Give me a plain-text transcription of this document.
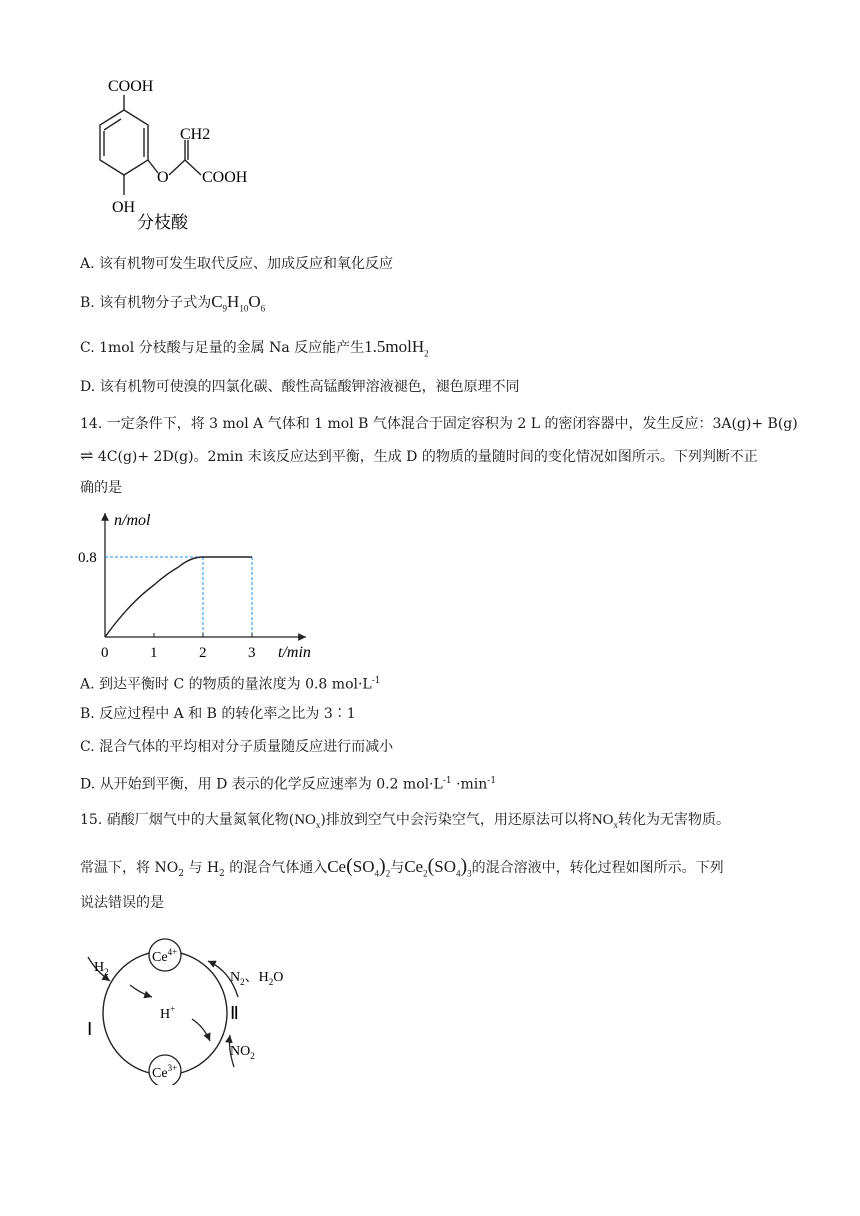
COOH
CH2
O COOH
OH
分枝酸
A. 该有机物可发生取代反应、加成反应和氧化反应
B. 该有机物分子式为$C_9H_{10}O_6$
C. 1mol 分枝酸与足量的金属 Na 反应能产生1.5molH$_2$
D. 该有机物可使溴的四氯化碳、酸性高锰酸钾溶液褪色，褪色原理不同
14. 一定条件下，将 3 mol A 气体和 1 mol B 气体混合于固定容积为 2 L 的密闭容器中，发生反应：3A(g)+ B(g)
⇌ 4C(g)+ 2D(g)。2min 末该反应达到平衡，生成 D 的物质的量随时间的变化情况如图所示。下列判断不正
确的是
0	1	2	3
0.8
n/mol
t/min
A. 到达平衡时 C 的物质的量浓度为 0.8 $mol\cdot L^{-1}$
B. 反应过程中 A 和 B 的转化率之比为 3∶1
C. 混合气体的平均相对分子质量随反应进行而减小
D. 从开始到平衡，用 D 表示的化学反应速率为 0.2 $mol\cdot L^{-1} \cdot\min^{-1}$
15. 硝酸厂烟气中的大量氮氧化物$(NO_x)$排放到空气中会污染空气，用还原法可以将$NO_x$转化为无害物质。
常温下，将 $NO_2$ 与 $H_2$ 的混合气体通入$Ce(SO_4)_2$与$Ce_2(SO_4)_3$的混合溶液中，转化过程如图所示。下列
说法错误的是
$Ce^{4+}$
$Ce^{3+}$
$H_2$
H+
$N_2$、$H_2O$
$NO_2$
Ⅰ
Ⅱ
